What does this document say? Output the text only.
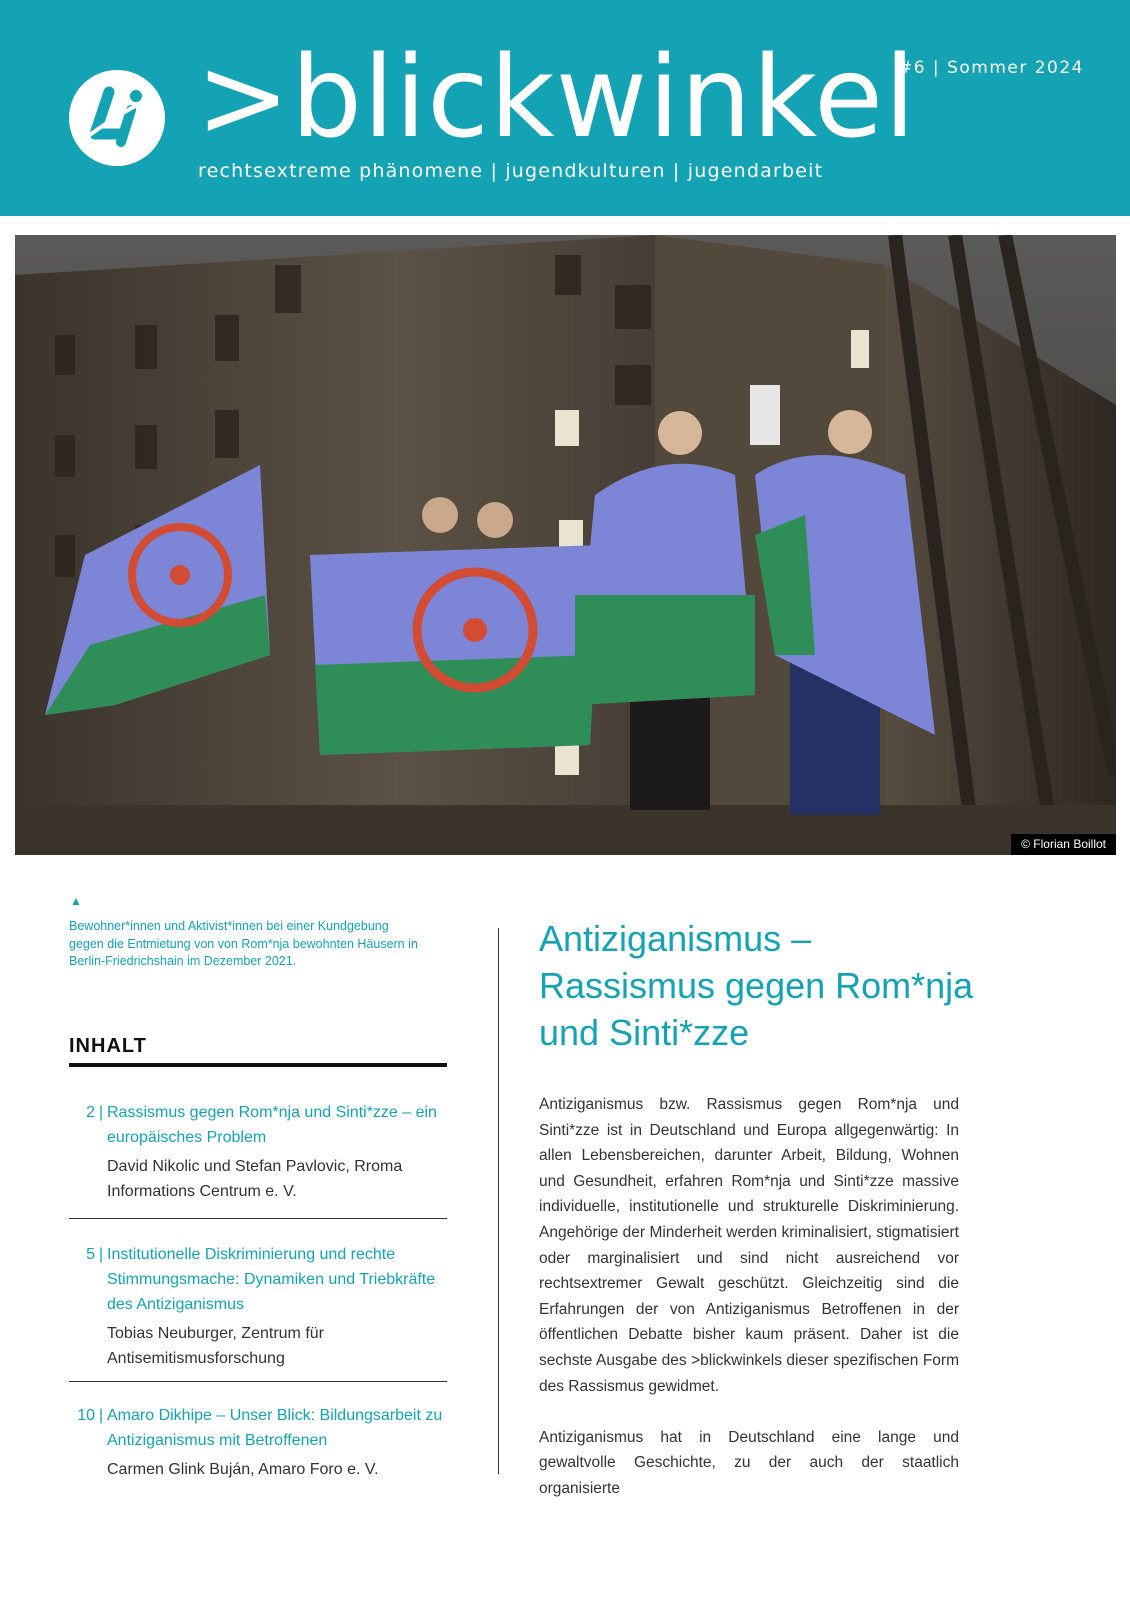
>blickwinkel
rechtsextreme phänomene | jugendkulturen | jugendarbeit
#6 | Sommer 2024
© Florian Boillot
▲
Bewohner*innen und Aktivist*innen bei einer Kundgebung gegen die Entmietung von von Rom*nja bewohnten Häusern in Berlin-Friedrichshain im Dezember 2021.
INHALT
2 | Rassismus gegen Rom*nja und Sinti*zze – ein europäisches Problem
David Nikolic und Stefan Pavlovic, Rroma Informations Centrum e. V.
5 | Institutionelle Diskriminierung und rechte Stimmungsmache: Dynamiken und Triebkräfte des Antiziganismus
Tobias Neuburger, Zentrum für Antisemitismusforschung
10 | Amaro Dikhipe – Unser Blick: Bildungsarbeit zu Antiziganismus mit Betroffenen
Carmen Glink Buján, Amaro Foro e. V.
Antiziganismus – Rassismus gegen Rom*nja und Sinti*zze

Antiziganismus bzw. Rassismus gegen Rom*nja und Sinti*zze ist in Deutschland und Europa allgegenwärtig: In allen Lebensbereichen, darunter Arbeit, Bildung, Wohnen und Gesundheit, erfahren Rom*nja und Sinti*zze massive individuelle, institutionelle und strukturelle Diskriminierung. Angehörige der Minderheit werden kriminalisiert, stigmatisiert oder marginalisiert und sind nicht ausreichend vor rechtsextremer Gewalt geschützt. Gleichzeitig sind die Erfahrungen der von Antiziganismus Betroffenen in der öffentlichen Debatte bisher kaum präsent. Daher ist die sechste Ausgabe des >blickwinkels dieser spezifischen Form des Rassismus gewidmet.

Antiziganismus hat in Deutschland eine lange und gewaltvolle Geschichte, zu der auch der staatlich organisierte
